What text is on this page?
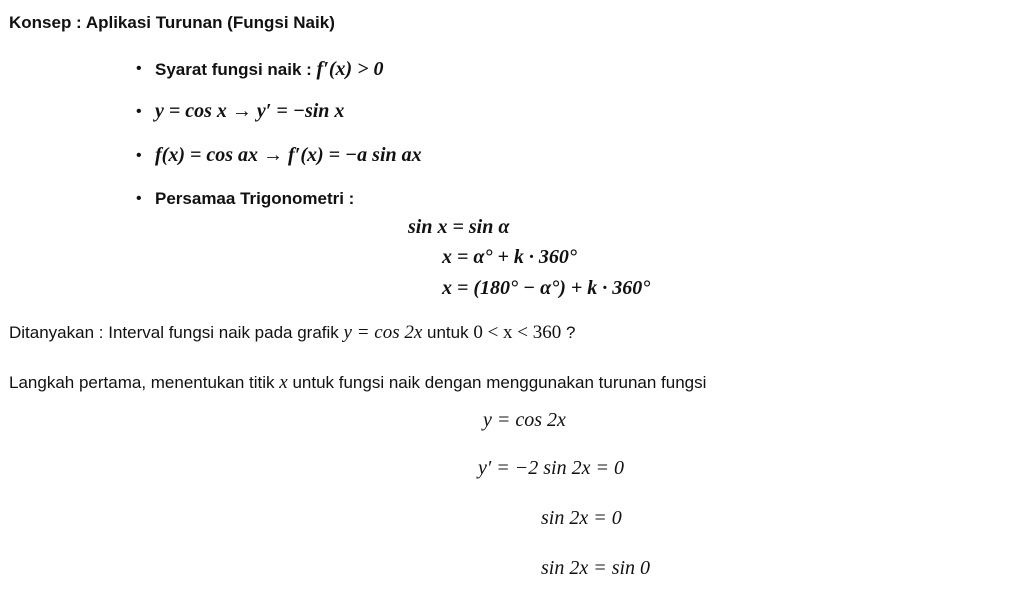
Konsep : Aplikasi Turunan (Fungsi Naik)
• Syarat fungsi naik : f′(x) > 0
• y = cos x → y′ = −sin x
• f(x) = cos ax → f′(x) = −a sin ax
• Persamaa Trigonometri :
sin x = sin α
x = α° + k · 360°
x = (180° − α°) + k · 360°
Ditanyakan : Interval fungsi naik pada grafik y = cos 2x untuk 0 < x < 360 ?
Langkah pertama, menentukan titik x untuk fungsi naik dengan menggunakan turunan fungsi
y = cos 2x
y′ = −2 sin 2x = 0
sin 2x = 0
sin 2x = sin 0
